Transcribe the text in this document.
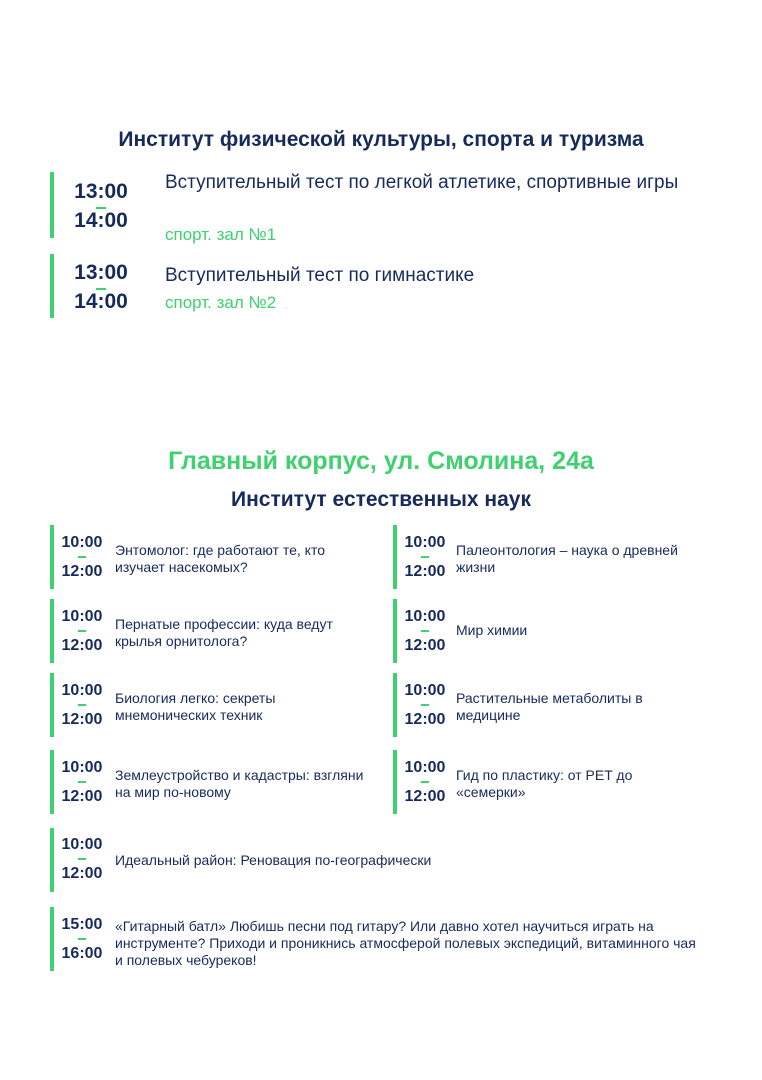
Институт физической культуры, спорта и туризма
13:00
14:00
Вступительный тест по легкой атлетике, спортивные игры
спорт. зал №1
13:00
14:00
Вступительный тест по гимнастике
спорт. зал №2
Главный корпус, ул. Смолина, 24а
Институт естественных наук
10:00
12:00
Энтомолог: где работают те, кто изучает насекомых?
10:00
12:00
Палеонтология – наука о древней жизни
10:00
12:00
Пернатые профессии: куда ведут крылья орнитолога?
10:00
12:00
Мир химии
10:00
12:00
Биология легко: секреты мнемонических техник
10:00
12:00
Растительные метаболиты в медицине
10:00
12:00
Землеустройство и кадастры: взгляни на мир по-новому
10:00
12:00
Гид по пластику: от PET до «семерки»
10:00
12:00
Идеальный район: Реновация по-географически
15:00
16:00
«Гитарный батл» Любишь песни под гитару? Или давно хотел научиться играть на инструменте? Приходи и проникнись атмосферой полевых экспедиций, витаминного чая и полевых чебуреков!
